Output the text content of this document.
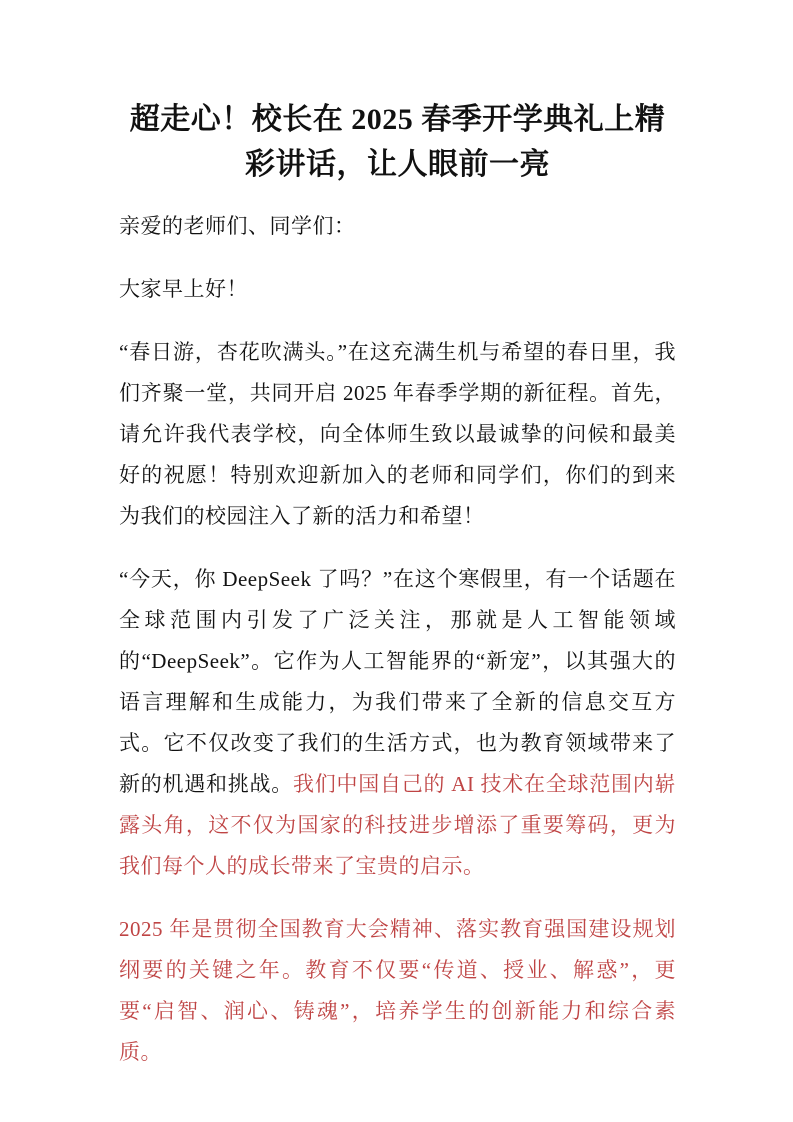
超走心！校长在 2025 春季开学典礼上精彩讲话，让人眼前一亮

亲爱的老师们、同学们：

大家早上好！

“春日游，杏花吹满头。”在这充满生机与希望的春日里，我们齐聚一堂，共同开启 2025 年春季学期的新征程。首先，请允许我代表学校，向全体师生致以最诚挚的问候和最美好的祝愿！特别欢迎新加入的老师和同学们，你们的到来为我们的校园注入了新的活力和希望！

“今天，你 DeepSeek 了吗？”在这个寒假里，有一个话题在全球范围内引发了广泛关注，那就是人工智能领域的“DeepSeek”。它作为人工智能界的“新宠”，以其强大的语言理解和生成能力，为我们带来了全新的信息交互方式。它不仅改变了我们的生活方式，也为教育领域带来了新的机遇和挑战。我们中国自己的 AI 技术在全球范围内崭露头角，这不仅为国家的科技进步增添了重要筹码，更为我们每个人的成长带来了宝贵的启示。

2025 年是贯彻全国教育大会精神、落实教育强国建设规划纲要的关键之年。教育不仅要“传道、授业、解惑”，更要“启智、润心、铸魂”，培养学生的创新能力和综合素质。
